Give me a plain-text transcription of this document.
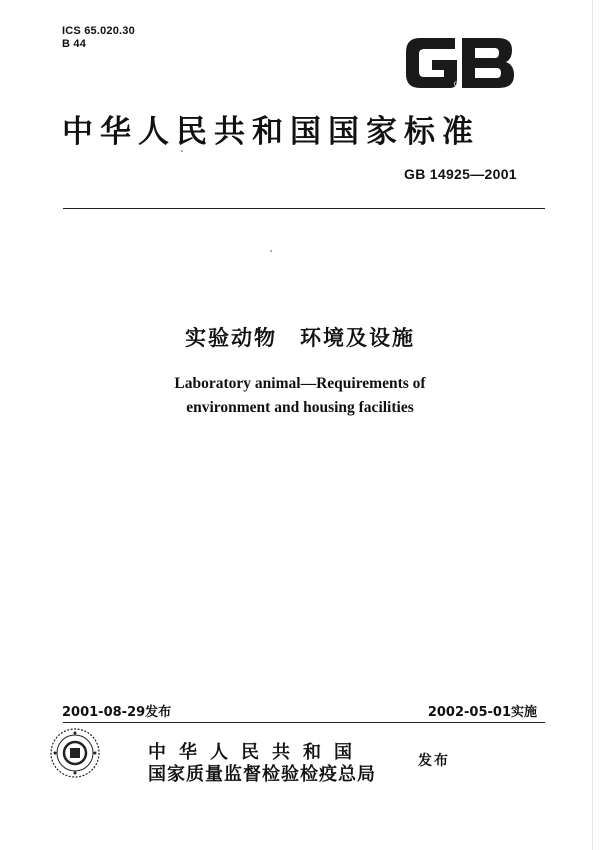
ICS 65.020.30
B 44
GB
中华人民共和国国家标准
GB 14925—2001
实验动物　环境及设施
Laboratory animal—Requirements of
environment and housing facilities
2001-08-29发布	2002-05-01实施
中华人民共和国
国家质量监督检验检疫总局
发布
